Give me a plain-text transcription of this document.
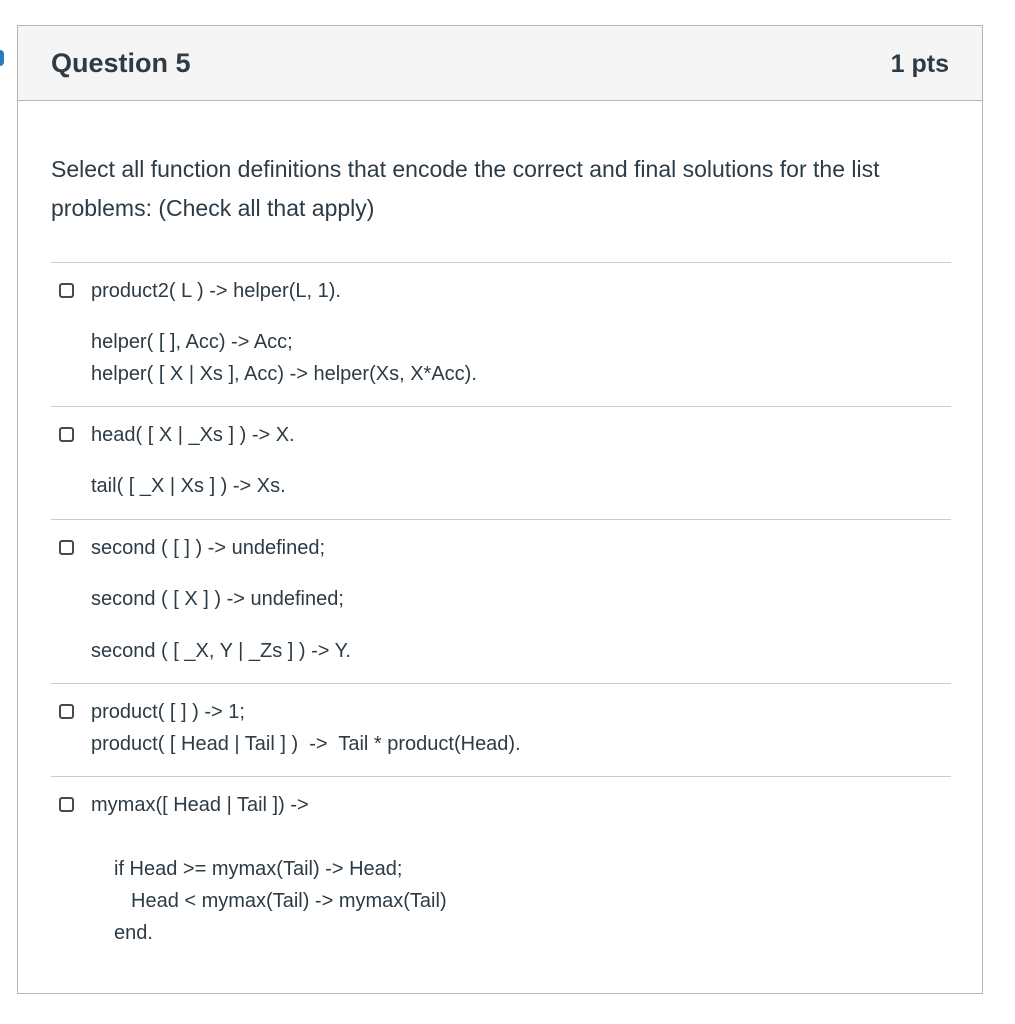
Question 5	1 pts
Select all function definitions that encode the correct and final solutions for the list problems: (Check all that apply)
product2( L ) -> helper(L, 1).
helper( [ ], Acc) -> Acc;
helper( [ X | Xs ], Acc) -> helper(Xs, X*Acc).
head( [ X | _Xs ] ) -> X.
tail( [ _X | Xs ] ) -> Xs.
second ( [ ] ) -> undefined;
second ( [ X ] ) -> undefined;
second ( [ _X, Y | _Zs ] ) -> Y.
product( [ ] ) -> 1;
product( [ Head | Tail ] )  ->  Tail * product(Head).
mymax([ Head | Tail ]) ->
if Head >= mymax(Tail) -> Head;
Head < mymax(Tail) -> mymax(Tail)
end.
